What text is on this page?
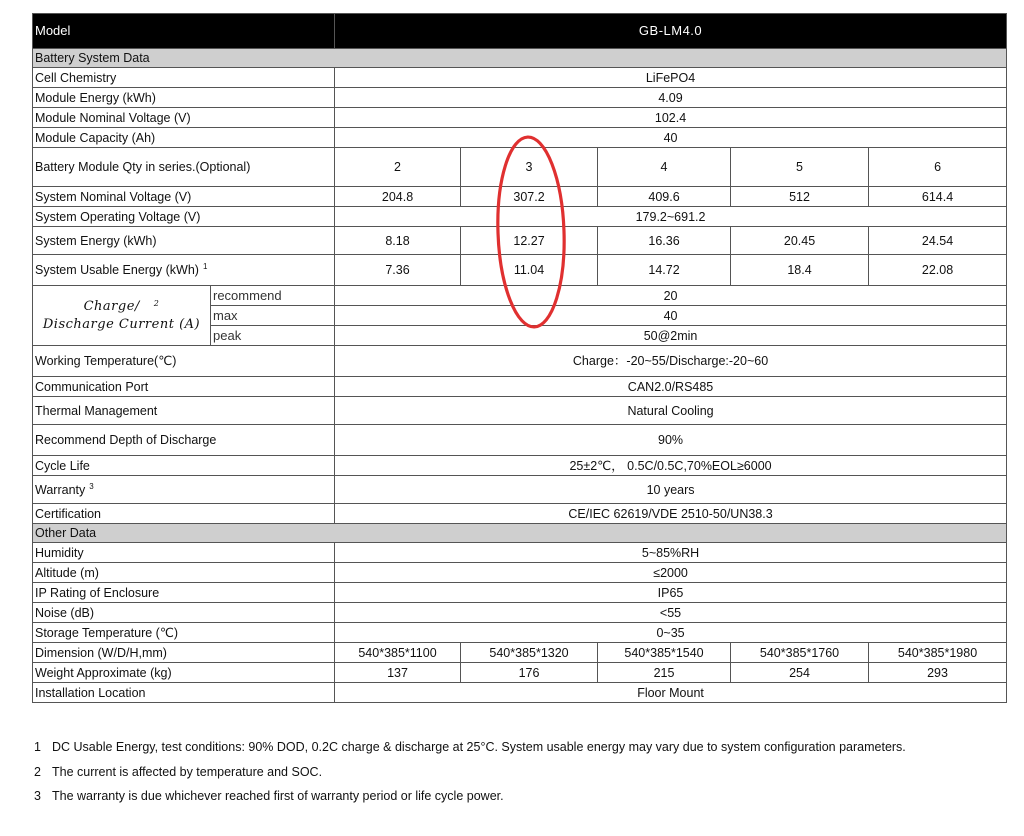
Model		GB-LM4.0				
Battery System Data						
Cell Chemistry		LiFePO4				
Module Energy (kWh)		4.09				
Module Nominal Voltage (V)		102.4				
Module Capacity (Ah)		40				
Battery Module Qty in series.(Optional)		2	3	4	5	6
System Nominal Voltage (V)		204.8	307.2	409.6	512	614.4
System Operating Voltage (V)		179.2~691.2				
System Energy (kWh)		8.18	12.27	16.36	20.45	24.54
System Usable Energy (kWh) $^1$		7.36	11.04	14.72	18.4	22.08

Charge/ $^2$
Discharge Current (A)	recommend	20				
	max	40				
	peak	50@2min				
Working Temperature(℃)		Charge：-20~55/Discharge:-20~60				
Communication Port		CAN2.0/RS485				
Thermal Management		Natural Cooling				
Recommend Depth of Discharge		90%				
Cycle Life		25±2℃， 0.5C/0.5C,70%EOL≥6000				
Warranty $^3$		10 years				
Certification		CE/IEC 62619/VDE 2510-50/UN38.3				
Other Data						
Humidity		5~85%RH				
Altitude (m)		≤2000				
IP Rating of Enclosure		IP65				
Noise (dB)		<55				
Storage Temperature (℃)		0~35				
Dimension (W/D/H,mm)		540*385*1100	540*385*1320	540*385*1540	540*385*1760	540*385*1980
Weight Approximate (kg)		137	176	215	254	293
Installation Location		Floor Mount				
1 DC Usable Energy, test conditions: 90% DOD, 0.2C charge & discharge at 25°C. System usable energy may vary due to system configuration parameters.
2 The current is affected by temperature and SOC.
3 The warranty is due whichever reached first of warranty period or life cycle power.
